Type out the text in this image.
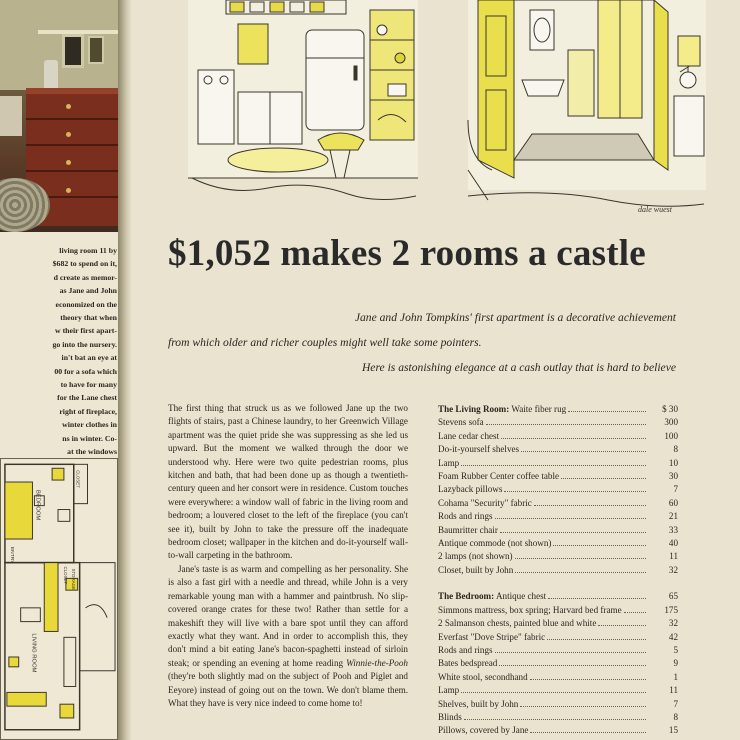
living room 11 by
$682 to spend on it,
d create as memor-
as Jane and John
economized on the
theory that when
w their first apart-
go into the nursery.
in't bat an eye at
00 for a sofa which
to have for many
for the Lane chest
right of fireplace,
winter clothes in
ns in winter. Co-
at the windows
BEDROOM
LIVING ROOM
CLOSET
CLOSET
ENTRY
STORAGE
dale wuest
$1,052 makes 2 rooms a castle
Jane and John Tompkins' first apartment is a decorative achievement
from which older and richer couples might well take some pointers.
Here is astonishing elegance at a cash outlay that is hard to believe

The first thing that struck us as we followed Jane up the two flights of stairs, past a Chinese laundry, to her Greenwich Village apartment was the quiet pride she was suppressing as she led us upward. But the moment we walked through the door we understood why. Here were two quite pedestrian rooms, plus kitchen and bath, that had been done up as though a twentieth-century queen and her consort were in residence. Custom touches were everywhere: a window wall of fabric in the living room and bedroom; a louvered closet to the left of the fireplace (you can't see it), built by John to take the pressure off the inadequate bedroom closet; wallpaper in the kitchen and do-it-yourself wall-to-wall carpeting in the bathroom.

Jane's taste is as warm and compelling as her personality. She is also a fast girl with a needle and thread, while John is a very remarkable young man with a hammer and paintbrush. No slip-covered orange crates for these two! Rather than settle for a makeshift they will live with a bare spot until they can afford exactly what they want. And in order to accomplish this, they don't mind a bit eating Jane's bacon-spaghetti instead of sirloin steak; or spending an evening at home reading Winnie-the-Pooh (they're both slightly mad on the subject of Pooh and Piglet and Eeyore) instead of going out on the town. We don't blame them. What they have is very nice indeed to come home to!

The Living Room: Waite fiber rug	$ 30
Stevens sofa	300
Lane cedar chest	100
Do-it-yourself shelves	8
Lamp	10
Foam Rubber Center coffee table	30
Lazyback pillows	7
Cohama "Security" fabric	60
Rods and rings	21
Baumritter chair	33
Antique commode (not shown)	40
2 lamps (not shown)	11
Closet, built by John	32
The Bedroom: Antique chest	65
Simmons mattress, box spring; Harvard bed frame	175
2 Salmanson chests, painted blue and white	32
Everfast "Dove Stripe" fabric	42
Rods and rings	5
Bates bedspread	9
White stool, secondhand	1
Lamp	11
Shelves, built by John	7
Blinds	8
Pillows, covered by Jane	15
